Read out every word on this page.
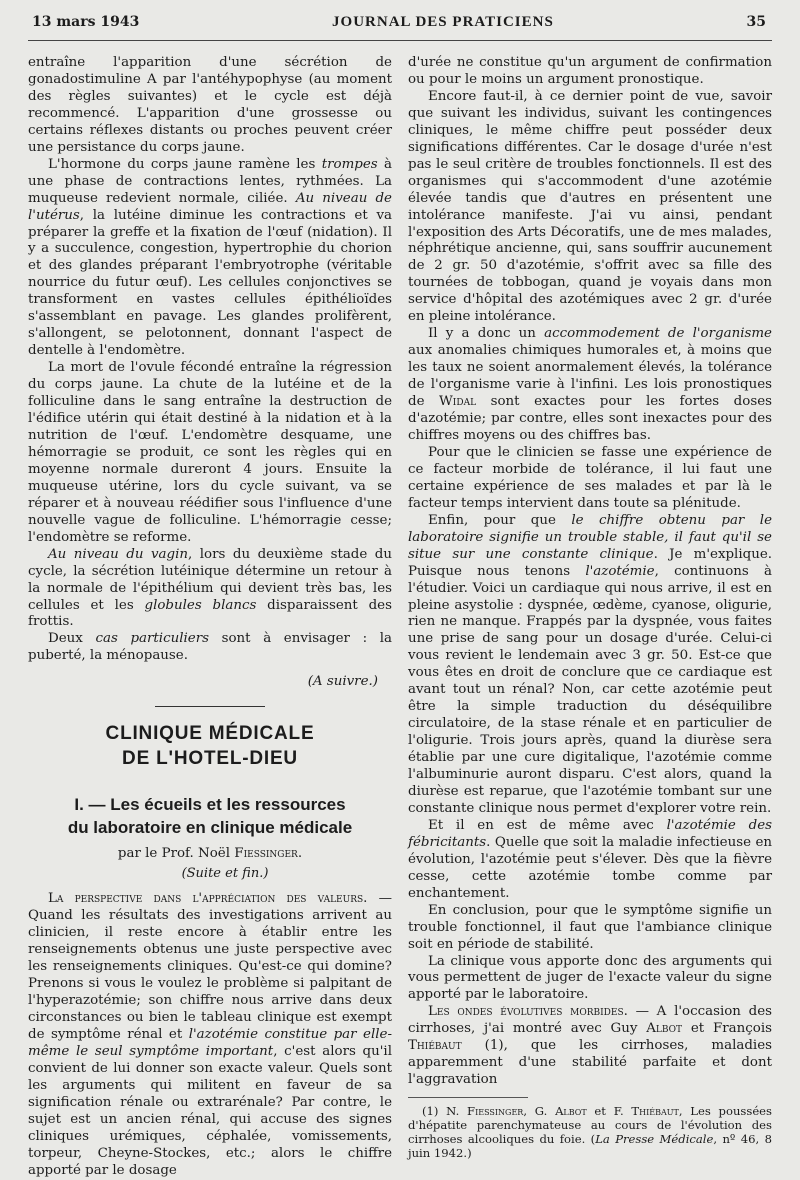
13 mars 1943	JOURNAL DES PRATICIENS	35

entraîne l'apparition d'une sécrétion de gonadostimuline A par l'antéhypophyse (au moment des règles suivantes) et le cycle est déjà recommencé. L'apparition d'une grossesse ou certains réflexes distants ou proches peuvent créer une persistance du corps jaune.

L'hormone du corps jaune ramène les trompes à une phase de contractions lentes, rythmées. La muqueuse redevient normale, ciliée. Au niveau de l'utérus, la lutéine diminue les contractions et va préparer la greffe et la fixation de l'œuf (nidation). Il y a succulence, congestion, hypertrophie du chorion et des glandes préparant l'embryotrophe (véritable nourrice du futur œuf). Les cellules conjonctives se transforment en vastes cellules épithélioïdes s'assemblant en pavage. Les glandes prolifèrent, s'allongent, se pelotonnent, donnant l'aspect de dentelle à l'endomètre.

La mort de l'ovule fécondé entraîne la régression du corps jaune. La chute de la lutéine et de la folliculine dans le sang entraîne la destruction de l'édifice utérin qui était destiné à la nidation et à la nutrition de l'œuf. L'endomètre desquame, une hémorragie se produit, ce sont les règles qui en moyenne normale dureront 4 jours. Ensuite la muqueuse utérine, lors du cycle suivant, va se réparer et à nouveau réédifier sous l'influence d'une nouvelle vague de folliculine. L'hémorragie cesse; l'endomètre se reforme.

Au niveau du vagin, lors du deuxième stade du cycle, la sécrétion lutéinique détermine un retour à la normale de l'épithélium qui devient très bas, les cellules et les globules blancs disparaissent des frottis.

Deux cas particuliers sont à envisager : la puberté, la ménopause.

(A suivre.)
CLINIQUE MÉDICALE
DE L'HOTEL-DIEU
I. — Les écueils et les ressources
du laboratoire en clinique médicale
par le Prof. Noël Fiessinger.
(Suite et fin.)

La perspective dans l'appréciation des valeurs. — Quand les résultats des investigations arrivent au clinicien, il reste encore à établir entre les renseignements obtenus une juste perspective avec les renseignements cliniques. Qu'est-ce qui domine? Prenons si vous le voulez le problème si palpitant de l'hyperazotémie; son chiffre nous arrive dans deux circonstances ou bien le tableau clinique est exempt de symptôme rénal et l'azotémie constitue par elle-même le seul symptôme important, c'est alors qu'il convient de lui donner son exacte valeur. Quels sont les arguments qui militent en faveur de sa signification rénale ou extrarénale? Par contre, le sujet est un ancien rénal, qui accuse des signes cliniques urémiques, céphalée, vomissements, torpeur, Cheyne-Stockes, etc.; alors le chiffre apporté par le dosage

d'urée ne constitue qu'un argument de confirmation ou pour le moins un argument pronostique.

Encore faut-il, à ce dernier point de vue, savoir que suivant les individus, suivant les contingences cliniques, le même chiffre peut posséder deux significations différentes. Car le dosage d'urée n'est pas le seul critère de troubles fonctionnels. Il est des organismes qui s'accommodent d'une azotémie élevée tandis que d'autres en présentent une intolérance manifeste. J'ai vu ainsi, pendant l'exposition des Arts Décoratifs, une de mes malades, néphrétique ancienne, qui, sans souffrir aucunement de 2 gr. 50 d'azotémie, s'offrit avec sa fille des tournées de tobbogan, quand je voyais dans mon service d'hôpital des azotémiques avec 2 gr. d'urée en pleine intolérance.

Il y a donc un accommodement de l'organisme aux anomalies chimiques humorales et, à moins que les taux ne soient anormalement élevés, la tolérance de l'organisme varie à l'infini. Les lois pronostiques de Widal sont exactes pour les fortes doses d'azotémie; par contre, elles sont inexactes pour des chiffres moyens ou des chiffres bas.

Pour que le clinicien se fasse une expérience de ce facteur morbide de tolérance, il lui faut une certaine expérience de ses malades et par là le facteur temps intervient dans toute sa plénitude.

Enfin, pour que le chiffre obtenu par le laboratoire signifie un trouble stable, il faut qu'il se situe sur une constante clinique. Je m'explique. Puisque nous tenons l'azotémie, continuons à l'étudier. Voici un cardiaque qui nous arrive, il est en pleine asystolie : dyspnée, œdème, cyanose, oligurie, rien ne manque. Frappés par la dyspnée, vous faites une prise de sang pour un dosage d'urée. Celui-ci vous revient le lendemain avec 3 gr. 50. Est-ce que vous êtes en droit de conclure que ce cardiaque est avant tout un rénal? Non, car cette azotémie peut être la simple traduction du déséquilibre circulatoire, de la stase rénale et en particulier de l'oligurie. Trois jours après, quand la diurèse sera établie par une cure digitalique, l'azotémie comme l'albuminurie auront disparu. C'est alors, quand la diurèse est reparue, que l'azotémie tombant sur une constante clinique nous permet d'explorer votre rein.

Et il en est de même avec l'azotémie des fébricitants. Quelle que soit la maladie infectieuse en évolution, l'azotémie peut s'élever. Dès que la fièvre cesse, cette azotémie tombe comme par enchantement.

En conclusion, pour que le symptôme signifie un trouble fonctionnel, il faut que l'ambiance clinique soit en période de stabilité.

La clinique vous apporte donc des arguments qui vous permettent de juger de l'exacte valeur du signe apporté par le laboratoire.

Les ondes évolutives morbides. — A l'occasion des cirrhoses, j'ai montré avec Guy Albot et François Thiébaut (1), que les cirrhoses, maladies apparemment d'une stabilité parfaite et dont l'aggravation

(1) N. Fiessinger, G. Albot et F. Thiébaut, Les poussées d'hépatite parenchymateuse au cours de l'évolution des cirrhoses alcooliques du foie. (La Presse Médicale, nº 46, 8 juin 1942.)
